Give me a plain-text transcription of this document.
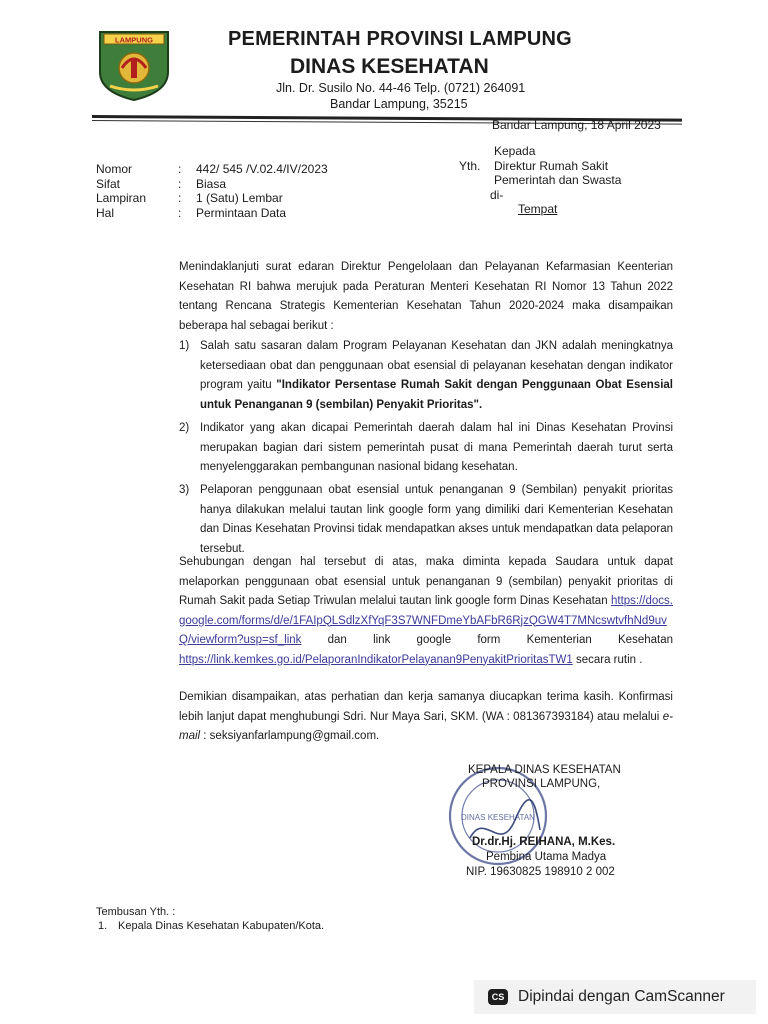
LAMPUNG	PEMERINTAH PROVINSI LAMPUNG
DINAS KESEHATAN
Jln. Dr. Susilo No. 44-46 Telp. (0721) 264091
Bandar Lampung, 35215
Bandar Lampung, 18 April 2023
Kepada
Yth. Direktur Rumah Sakit
Pemerintah dan Swasta
di-
Tempat
Nomor	:	442/ 545 /V.02.4/IV/2023
Sifat	:	Biasa
Lampiran	:	1 (Satu) Lembar
Hal	:	Permintaan Data
Menindaklanjuti surat edaran Direktur Pengelolaan dan Pelayanan Kefarmasian Keenterian Kesehatan RI bahwa merujuk pada Peraturan Menteri Kesehatan RI Nomor 13 Tahun 2022 tentang Rencana Strategis Kementerian Kesehatan Tahun 2020-2024 maka disampaikan beberapa hal sebagai berikut :
1) Salah satu sasaran dalam Program Pelayanan Kesehatan dan JKN adalah meningkatnya ketersediaan obat dan penggunaan obat esensial di pelayanan kesehatan dengan indikator program yaitu "Indikator Persentase Rumah Sakit dengan Penggunaan Obat Esensial untuk Penanganan 9 (sembilan) Penyakit Prioritas".
2) Indikator yang akan dicapai Pemerintah daerah dalam hal ini Dinas Kesehatan Provinsi merupakan bagian dari sistem pemerintah pusat di mana Pemerintah daerah turut serta menyelenggarakan pembangunan nasional bidang kesehatan.
3) Pelaporan penggunaan obat esensial untuk penanganan 9 (Sembilan) penyakit prioritas hanya dilakukan melalui tautan link google form yang dimiliki dari Kementerian Kesehatan dan Dinas Kesehatan Provinsi tidak mendapatkan akses untuk mendapatkan data pelaporan tersebut.
Sehubungan dengan hal tersebut di atas, maka diminta kepada Saudara untuk dapat melaporkan penggunaan obat esensial untuk penanganan 9 (sembilan) penyakit prioritas di Rumah Sakit pada Setiap Triwulan melalui tautan link google form Dinas Kesehatan https://docs.google.com/forms/d/e/1FAIpQLSdlzXfYqF3S7WNFDmeYbAFbR6RjzQGW4T7MNcswtvfhNd9uvQ/viewform?usp=sf_link dan link google form Kementerian Kesehatan https://link.kemkes.go.id/PelaporanIndikatorPelayanan9PenyakitPrioritasTW1 secara rutin .
Demikian disampaikan, atas perhatian dan kerja samanya diucapkan terima kasih. Konfirmasi lebih lanjut dapat menghubungi Sdri. Nur Maya Sari, SKM. (WA : 081367393184) atau melalui e-mail : seksiyanfarlampung@gmail.com.
DINAS KESEHATAN
KEPALA DINAS KESEHATAN
PROVINSI LAMPUNG,
Dr.dr.Hj. REIHANA, M.Kes.
Pembina Utama Madya
NIP. 19630825 198910 2 002
Tembusan Yth. :
1. Kepala Dinas Kesehatan Kabupaten/Kota.
CS Dipindai dengan CamScanner
